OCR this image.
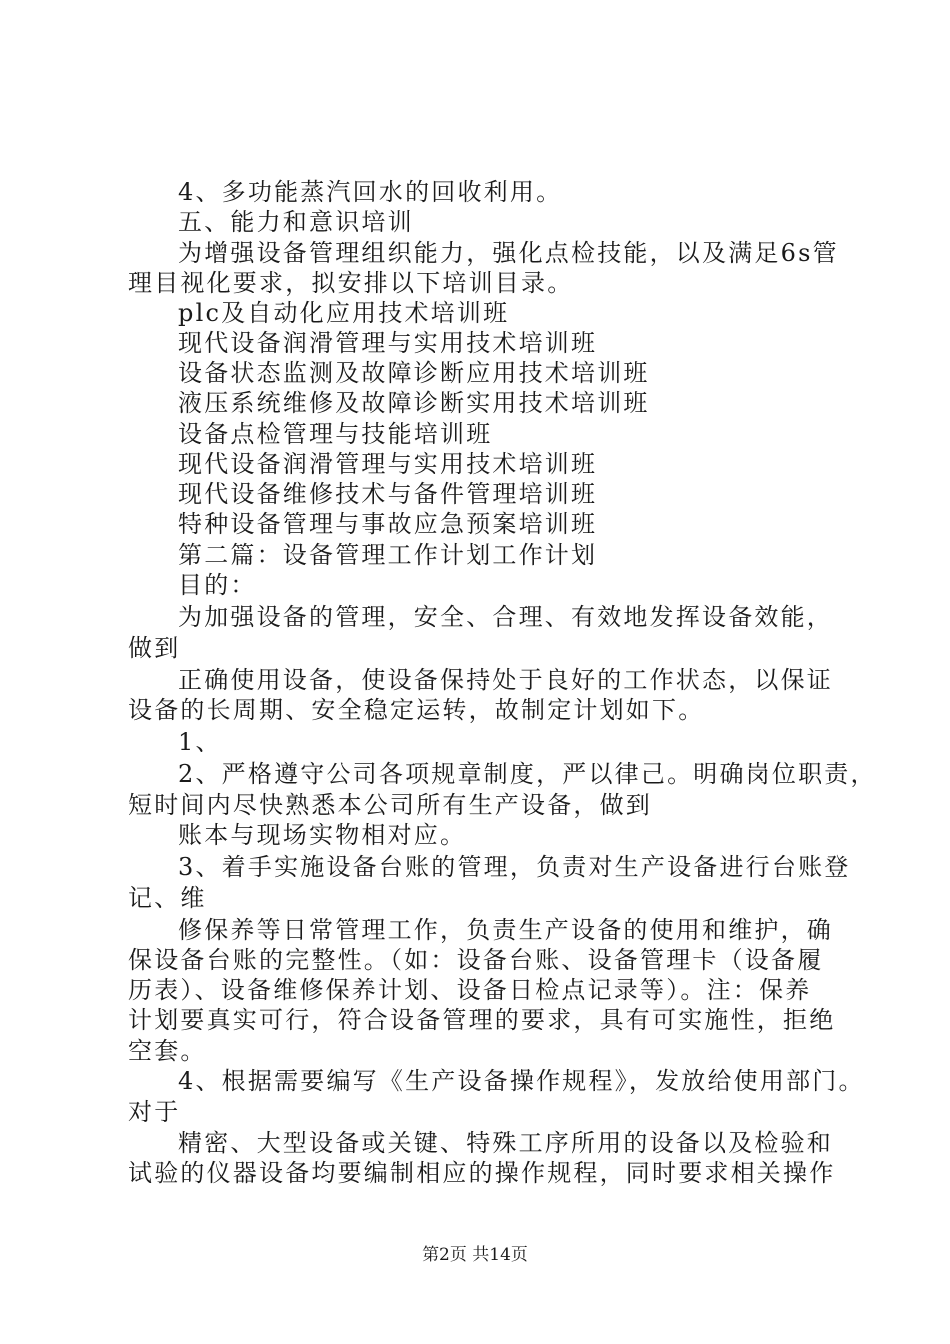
4、多功能蒸汽回水的回收利用。
五、能力和意识培训
为增强设备管理组织能力，强化点检技能，以及满足6s管
理目视化要求，拟安排以下培训目录。
plc及自动化应用技术培训班
现代设备润滑管理与实用技术培训班
设备状态监测及故障诊断应用技术培训班
液压系统维修及故障诊断实用技术培训班
设备点检管理与技能培训班
现代设备润滑管理与实用技术培训班
现代设备维修技术与备件管理培训班
特种设备管理与事故应急预案培训班
第二篇：设备管理工作计划工作计划
目的：
为加强设备的管理，安全、合理、有效地发挥设备效能，
做到
正确使用设备，使设备保持处于良好的工作状态，以保证
设备的长周期、安全稳定运转，故制定计划如下。
1、
2、严格遵守公司各项规章制度，严以律己。明确岗位职责，
短时间内尽快熟悉本公司所有生产设备，做到
账本与现场实物相对应。
3、着手实施设备台账的管理，负责对生产设备进行台账登
记、维
修保养等日常管理工作，负责生产设备的使用和维护，确
保设备台账的完整性。（如：设备台账、设备管理卡（设备履
历表）、设备维修保养计划、设备日检点记录等）。注：保养
计划要真实可行，符合设备管理的要求，具有可实施性，拒绝
空套。
4、根据需要编写《生产设备操作规程》，发放给使用部门。
对于
精密、大型设备或关键、特殊工序所用的设备以及检验和
试验的仪器设备均要编制相应的操作规程，同时要求相关操作
第2页 共14页
